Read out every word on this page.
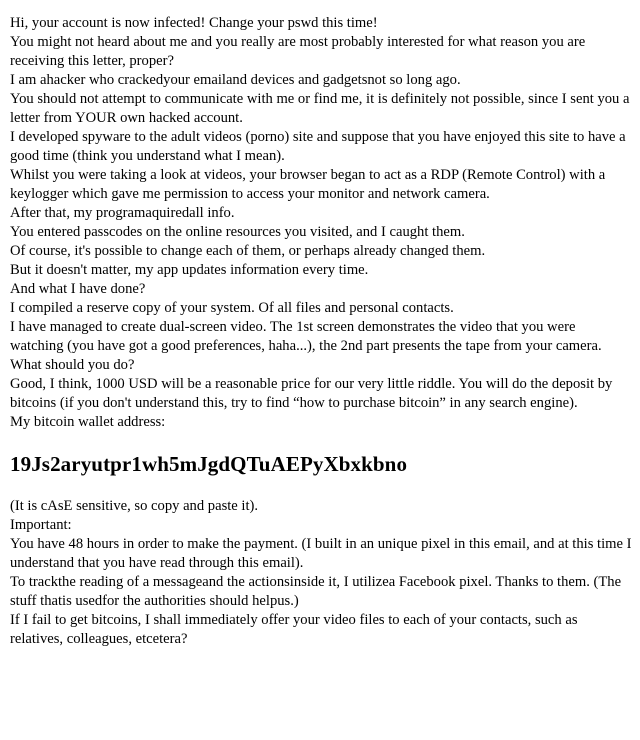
Hi, your account is now infected! Change your pswd this time!

You might not heard about me and you really are most probably interested for what reason you are receiving this letter, proper?

I am ahacker who crackedyour emailand devices and gadgetsnot so long ago.

You should not attempt to communicate with me or find me, it is definitely not possible, since I sent you a letter from YOUR own hacked account.

I developed spyware to the adult videos (porno) site and suppose that you have enjoyed this site to have a good time (think you understand what I mean).

Whilst you were taking a look at videos, your browser began to act as a RDP (Remote Control) with a keylogger which gave me permission to access your monitor and network camera.

After that, my programaquiredall info.

You entered passcodes on the online resources you visited, and I caught them.

Of course, it's possible to change each of them, or perhaps already changed them.

But it doesn't matter, my app updates information every time.

And what I have done?

I compiled a reserve copy of your system. Of all files and personal contacts.

I have managed to create dual-screen video. The 1st screen demonstrates the video that you were watching (you have got a good preferences, haha...), the 2nd part presents the tape from your camera.

What should you do?

Good, I think, 1000 USD will be a reasonable price for our very little riddle. You will do the deposit by bitcoins (if you don't understand this, try to find “how to purchase bitcoin” in any search engine).

My bitcoin wallet address:

19Js2aryutpr1wh5mJgdQTuAEPyXbxkbno

(It is cAsE sensitive, so copy and paste it).

Important:

You have 48 hours in order to make the payment. (I built in an unique pixel in this email, and at this time I understand that you have read through this email).

To trackthe reading of a messageand the actionsinside it, I utilizea Facebook pixel. Thanks to them. (The stuff thatis usedfor the authorities should helpus.)

If I fail to get bitcoins, I shall immediately offer your video files to each of your contacts, such as relatives, colleagues, etcetera?
